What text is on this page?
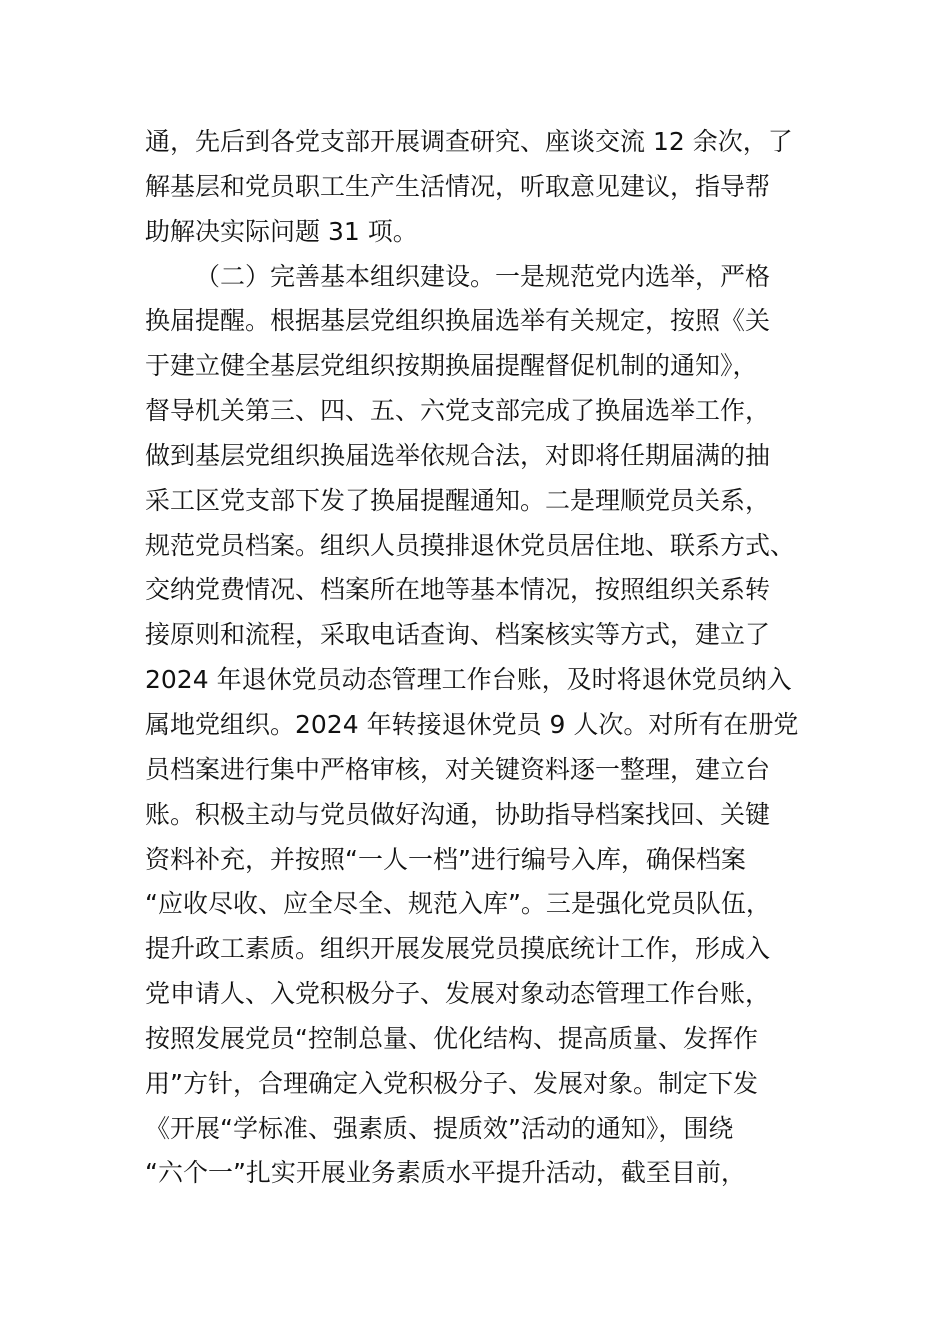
通，先后到各党支部开展调查研究、座谈交流 12 余次，了
解基层和党员职工生产生活情况，听取意见建议，指导帮
助解决实际问题 31 项。
（二）完善基本组织建设。一是规范党内选举，严格
换届提醒。根据基层党组织换届选举有关规定，按照《关
于建立健全基层党组织按期换届提醒督促机制的通知》，
督导机关第三、四、五、六党支部完成了换届选举工作，
做到基层党组织换届选举依规合法，对即将任期届满的抽
采工区党支部下发了换届提醒通知。二是理顺党员关系，
规范党员档案。组织人员摸排退休党员居住地、联系方式、
交纳党费情况、档案所在地等基本情况，按照组织关系转
接原则和流程，采取电话查询、档案核实等方式，建立了
2024 年退休党员动态管理工作台账，及时将退休党员纳入
属地党组织。2024 年转接退休党员 9 人次。对所有在册党
员档案进行集中严格审核，对关键资料逐一整理，建立台
账。积极主动与党员做好沟通，协助指导档案找回、关键
资料补充，并按照“一人一档”进行编号入库，确保档案
“应收尽收、应全尽全、规范入库”。三是强化党员队伍，
提升政工素质。组织开展发展党员摸底统计工作，形成入
党申请人、入党积极分子、发展对象动态管理工作台账，
按照发展党员“控制总量、优化结构、提高质量、发挥作
用”方针，合理确定入党积极分子、发展对象。制定下发
《开展“学标准、强素质、提质效”活动的通知》，围绕
“六个一”扎实开展业务素质水平提升活动，截至目前，
